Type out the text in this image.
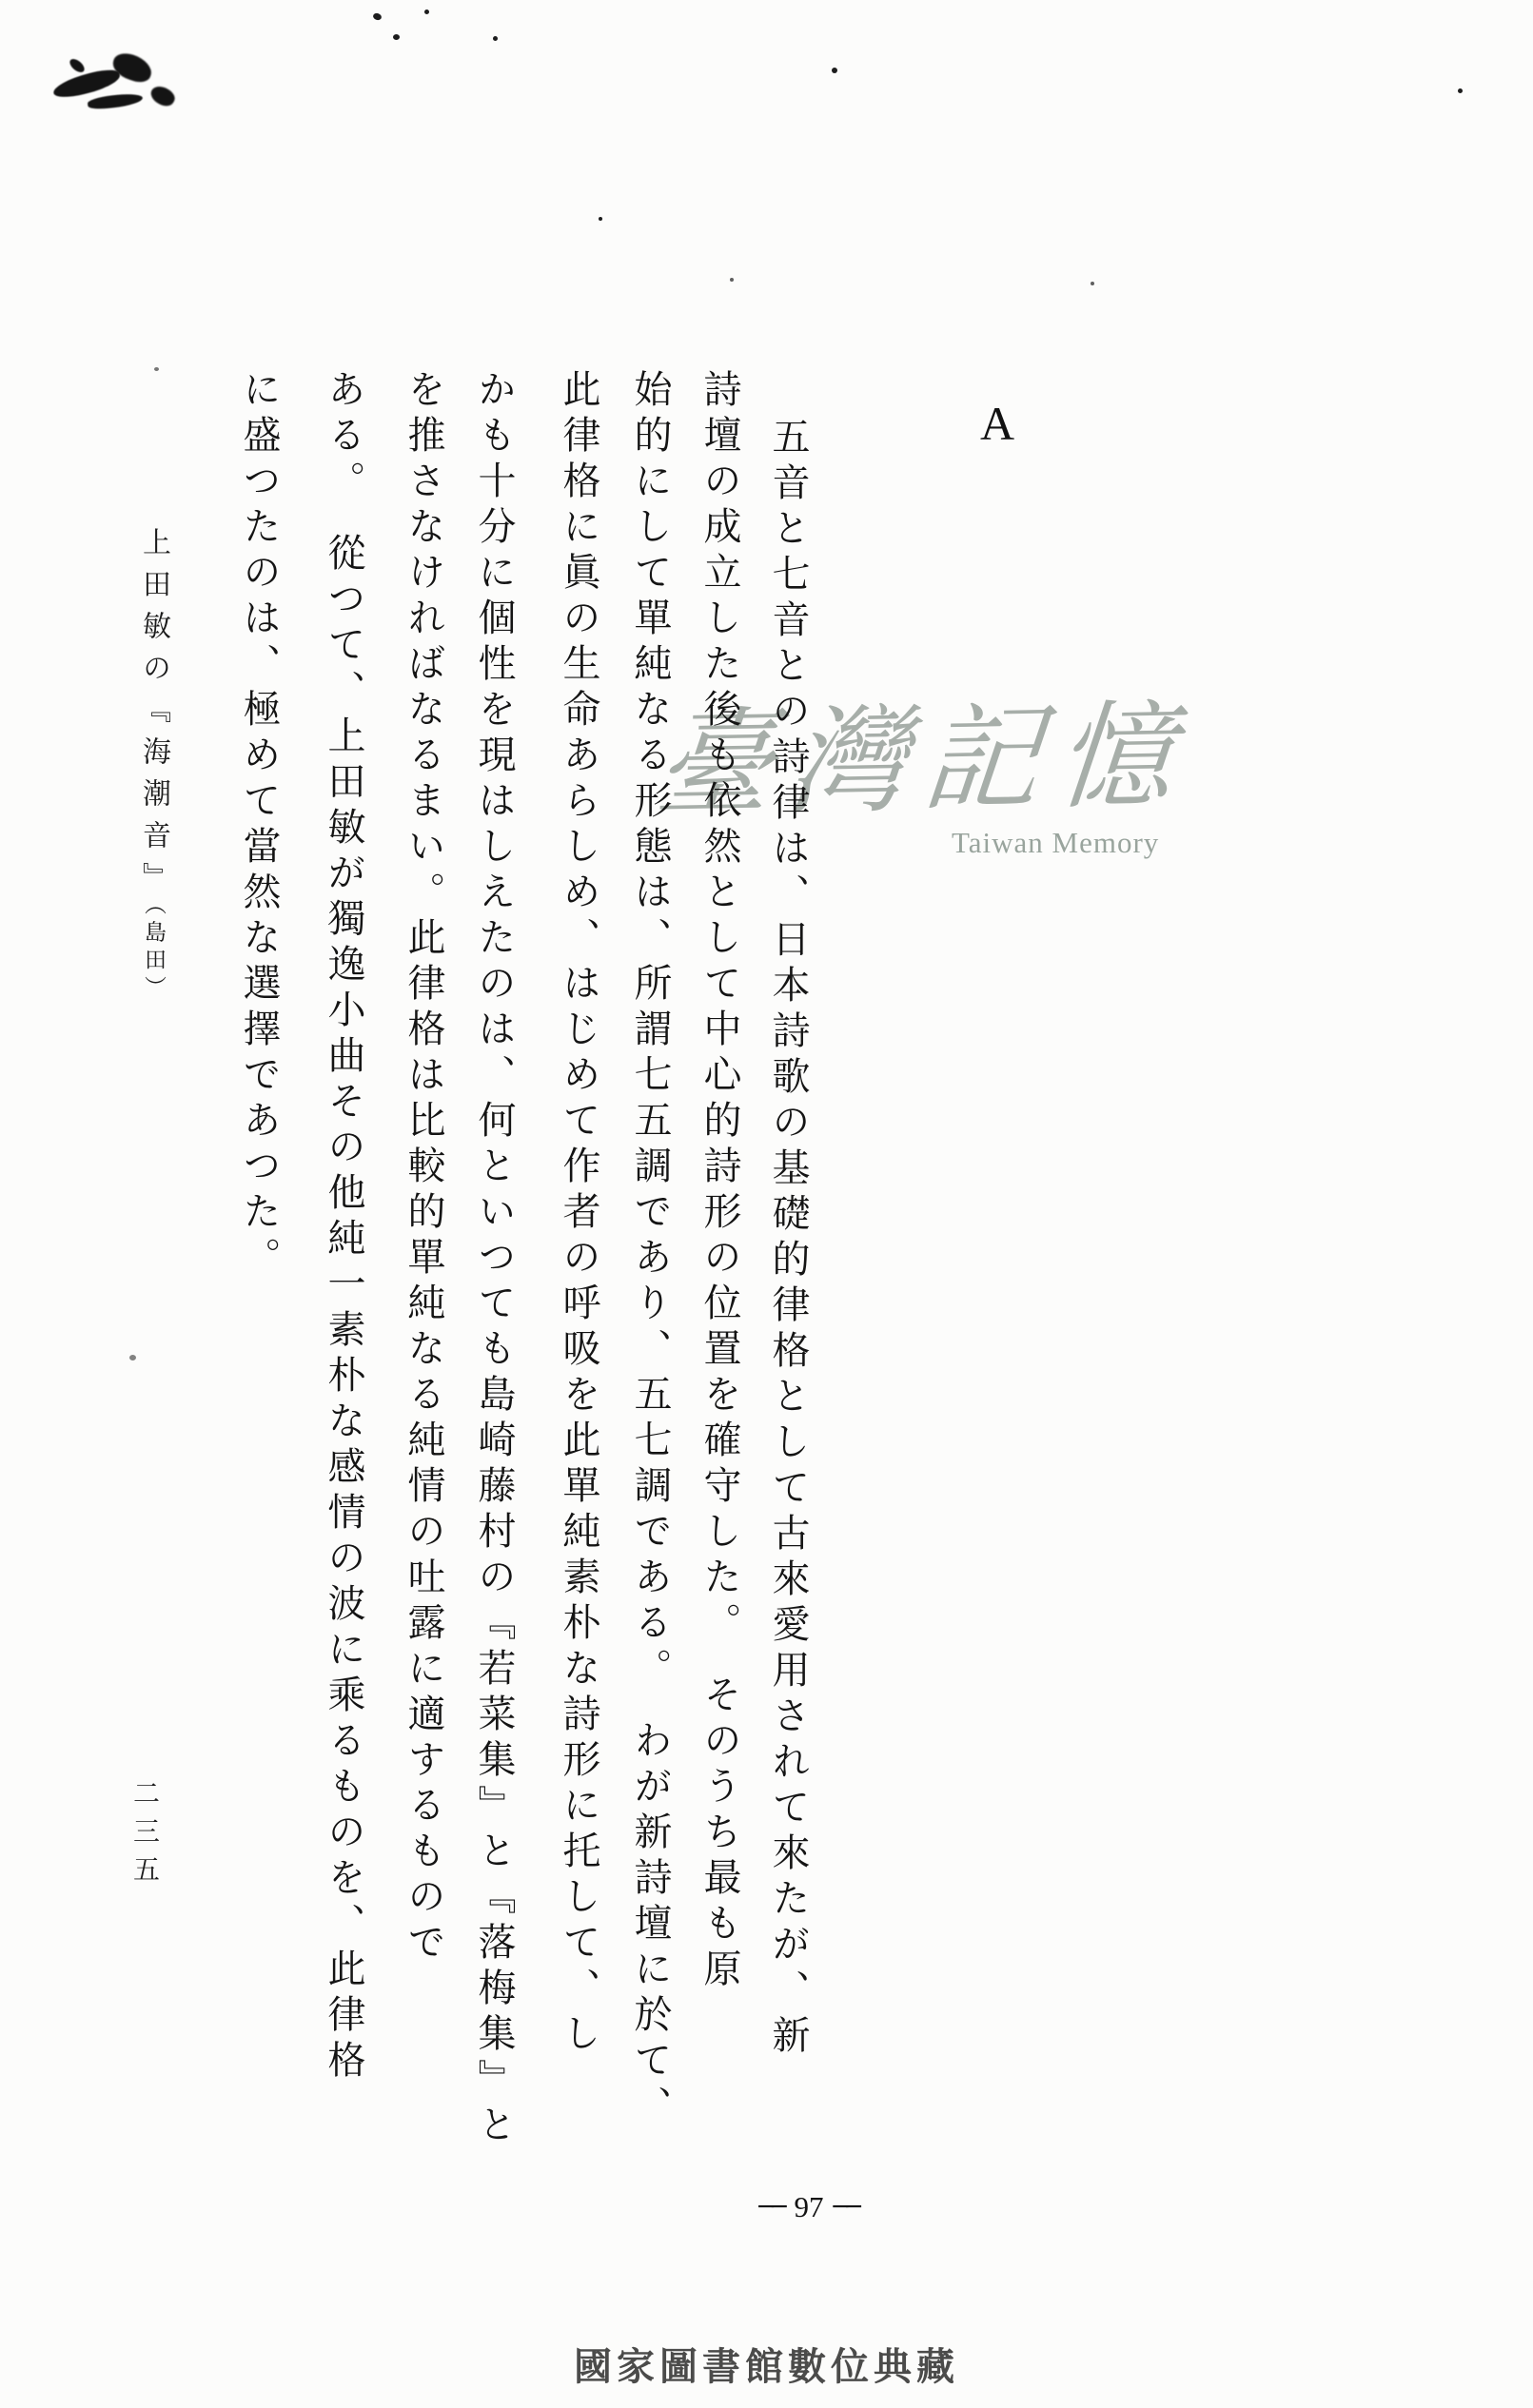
臺灣記憶
Taiwan Memory
A

五音と七音との詩律は、日本詩歌の基礎的律格として古來愛用されて來たが、新

詩壇の成立した後も依然として中心的詩形の位置を確守した。　そのうち最も原

始的にして單純なる形態は、所謂七五調であり、五七調である。　わが新詩壇に於て、

此律格に眞の生命あらしめ、はじめて作者の呼吸を此單純素朴な詩形に托して、し

かも十分に個性を現はしえたのは、何といつても島崎藤村の『若菜集』と『落梅集』と

を推さなければなるまい。此律格は比較的單純なる純情の吐露に適するもので

ある。　從つて、上田敏が獨逸小曲その他純一素朴な感情の波に乘るものを、此律格

に盛つたのは、極めて當然な選擇であつた。

上田敏の『海潮音』（島田）
二三五
── 97 ──
國家圖書館數位典藏
